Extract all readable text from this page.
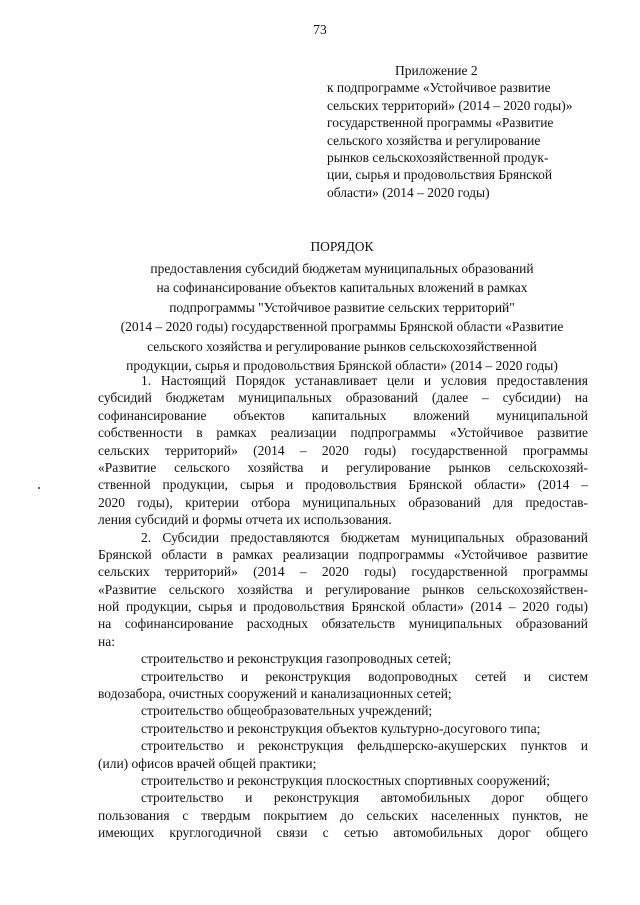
73
Приложение 2
к подпрограмме «Устойчивое развитие
сельских территорий» (2014 – 2020 годы)»
государственной программы «Развитие
сельского хозяйства и регулирование
рынков сельскохозяйственной продук-
ции, сырья и продовольствия Брянской
области» (2014 – 2020 годы)
ПОРЯДОК
предоставления субсидий бюджетам муниципальных образований
на софинансирование объектов капитальных вложений в рамках
подпрограммы "Устойчивое развитие сельских территорий"
(2014 – 2020 годы) государственной программы Брянской области «Развитие
сельского хозяйства и регулирование рынков сельскохозяйственной
продукции, сырья и продовольствия Брянской области» (2014 – 2020 годы)
1. Настоящий Порядок устанавливает цели и условия предоставления
субсидий бюджетам муниципальных образований (далее – субсидии) на
софинансирование объектов капитальных вложений муниципальной
собственности в рамках реализации подпрограммы «Устойчивое развитие
сельских территорий» (2014 – 2020 годы) государственной программы
«Развитие сельского хозяйства и регулирование рынков сельскохозяй-
ственной продукции, сырья и продовольствия Брянской области» (2014 –
2020 годы), критерии отбора муниципальных образований для предостав-
ления субсидий и формы отчета их использования.
2. Субсидии предоставляются бюджетам муниципальных образований
Брянской области в рамках реализации подпрограммы «Устойчивое развитие
сельских территорий» (2014 – 2020 годы) государственной программы
«Развитие сельского хозяйства и регулирование рынков сельскохозяйствен-
ной продукции, сырья и продовольствия Брянской области» (2014 – 2020 годы)
на софинансирование расходных обязательств муниципальных образований
на:
строительство и реконструкция газопроводных сетей;
строительство и реконструкция водопроводных сетей и систем
водозабора, очистных сооружений и канализационных сетей;
строительство общеобразовательных учреждений;
строительство и реконструкция объектов культурно-досугового типа;
строительство и реконструкция фельдшерско-акушерских пунктов и
(или) офисов врачей общей практики;
строительство и реконструкция плоскостных спортивных сооружений;
строительство и реконструкция автомобильных дорог общего
пользования с твердым покрытием до сельских населенных пунктов, не
имеющих круглогодичной связи с сетью автомобильных дорог общего
